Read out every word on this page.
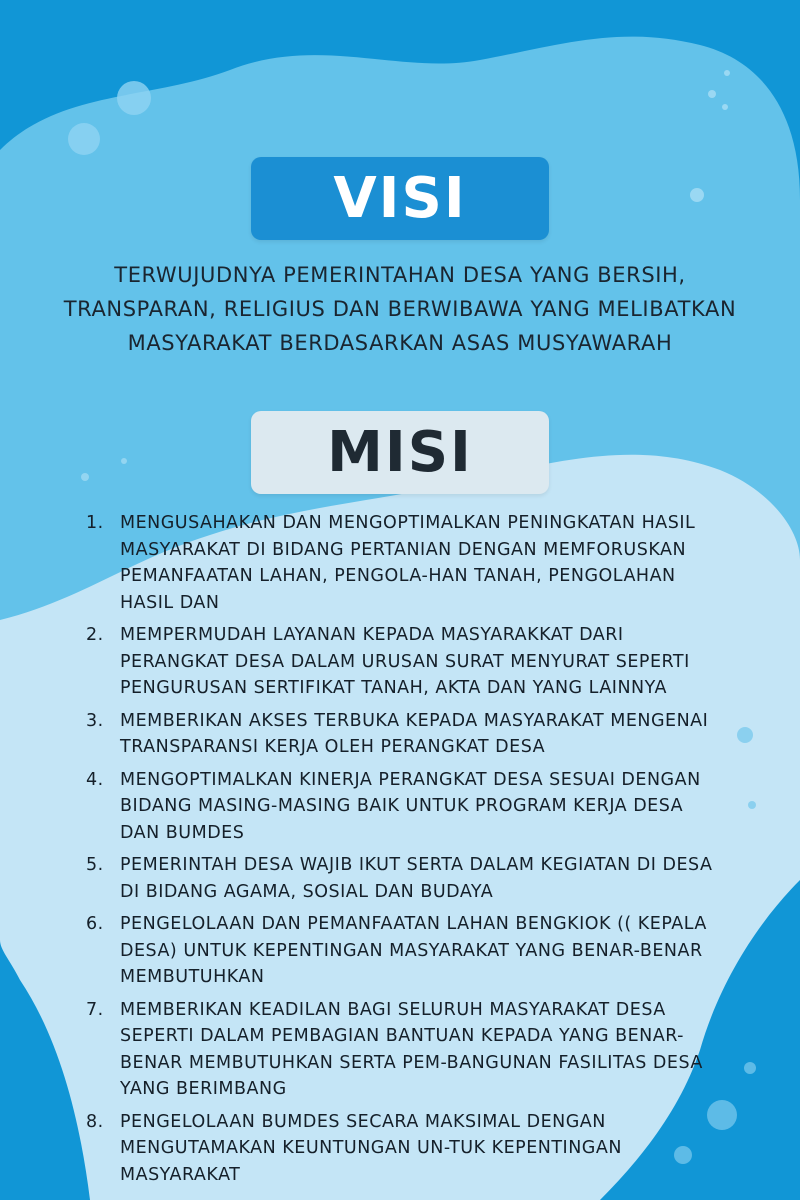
VISI
TERWUJUDNYA PEMERINTAHAN DESA YANG BERSIH, TRANSPARAN, RELIGIUS DAN BERWIBAWA YANG MELIBATKAN MASYARAKAT BERDASARKAN ASAS MUSYAWARAH
MISI
1. MENGUSAHAKAN DAN MENGOPTIMALKAN PENINGKATAN HASIL MASYARAKAT DI BIDANG PERTANIAN DENGAN MEMFORUSKAN PEMANFAATAN LAHAN, PENGOLA-HAN TANAH, PENGOLAHAN HASIL DAN
2. MEMPERMUDAH LAYANAN KEPADA MASYARAKKAT DARI PERANGKAT DESA DALAM URUSAN SURAT MENYURAT SEPERTI PENGURUSAN SERTIFIKAT TANAH, AKTA DAN YANG LAINNYA
3. MEMBERIKAN AKSES TERBUKA KEPADA MASYARAKAT MENGENAI TRANSPARANSI KERJA OLEH PERANGKAT DESA
4. MENGOPTIMALKAN KINERJA PERANGKAT DESA SESUAI DENGAN BIDANG MASING-MASING BAIK UNTUK PROGRAM KERJA DESA DAN BUMDES
5. PEMERINTAH DESA WAJIB IKUT SERTA DALAM KEGIATAN DI DESA DI BIDANG AGAMA, SOSIAL DAN BUDAYA
6. PENGELOLAAN DAN PEMANFAATAN LAHAN BENGKIOK (( KEPALA DESA) UNTUK KEPENTINGAN MASYARAKAT YANG BENAR-BENAR MEMBUTUHKAN
7. MEMBERIKAN KEADILAN BAGI SELURUH MASYARAKAT DESA SEPERTI DALAM PEMBAGIAN BANTUAN KEPADA YANG BENAR-BENAR MEMBUTUHKAN SERTA PEM-BANGUNAN FASILITAS DESA YANG BERIMBANG
8. PENGELOLAAN BUMDES SECARA MAKSIMAL DENGAN MENGUTAMAKAN KEUNTUNGAN UN-TUK KEPENTINGAN MASYARAKAT
